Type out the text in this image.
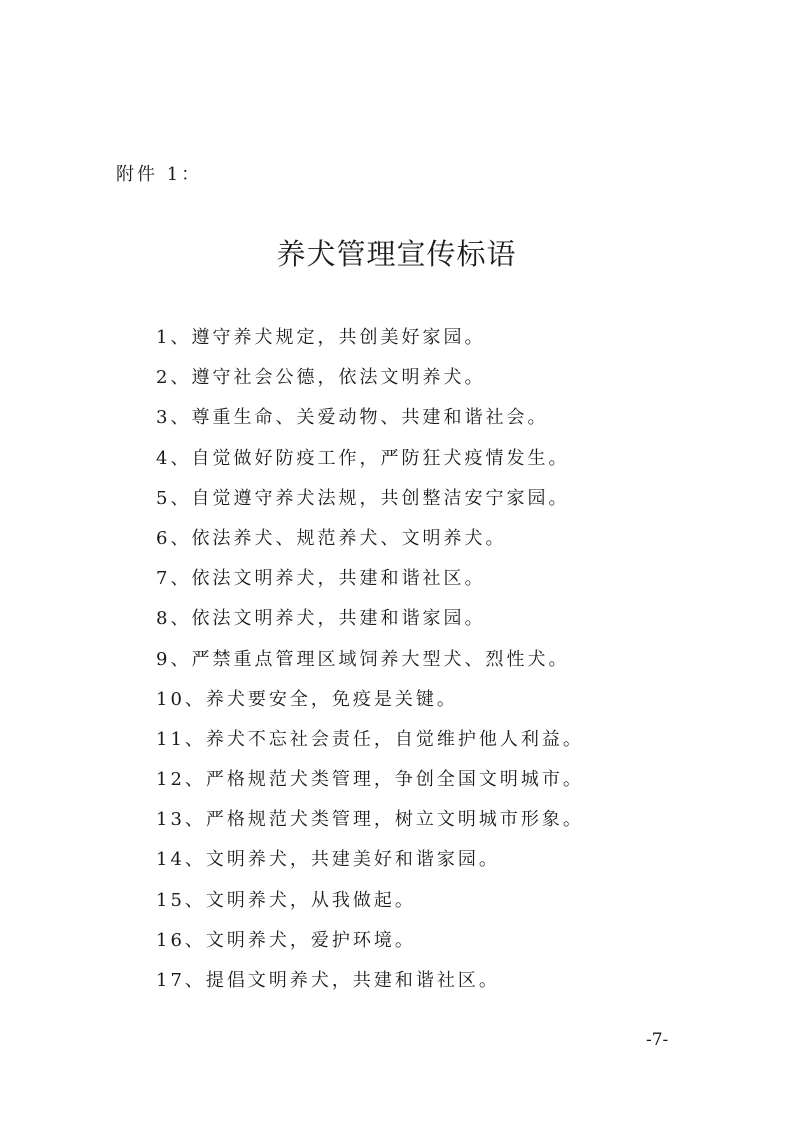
附件 1：
养犬管理宣传标语
1、遵守养犬规定，共创美好家园。
2、遵守社会公德，依法文明养犬。
3、尊重生命、关爱动物、共建和谐社会。
4、自觉做好防疫工作，严防狂犬疫情发生。
5、自觉遵守养犬法规，共创整洁安宁家园。
6、依法养犬、规范养犬、文明养犬。
7、依法文明养犬，共建和谐社区。
8、依法文明养犬，共建和谐家园。
9、严禁重点管理区域饲养大型犬、烈性犬。
10、养犬要安全，免疫是关键。
11、养犬不忘社会责任，自觉维护他人利益。
12、严格规范犬类管理，争创全国文明城市。
13、严格规范犬类管理，树立文明城市形象。
14、文明养犬，共建美好和谐家园。
15、文明养犬，从我做起。
16、文明养犬，爱护环境。
17、提倡文明养犬，共建和谐社区。
-7-
